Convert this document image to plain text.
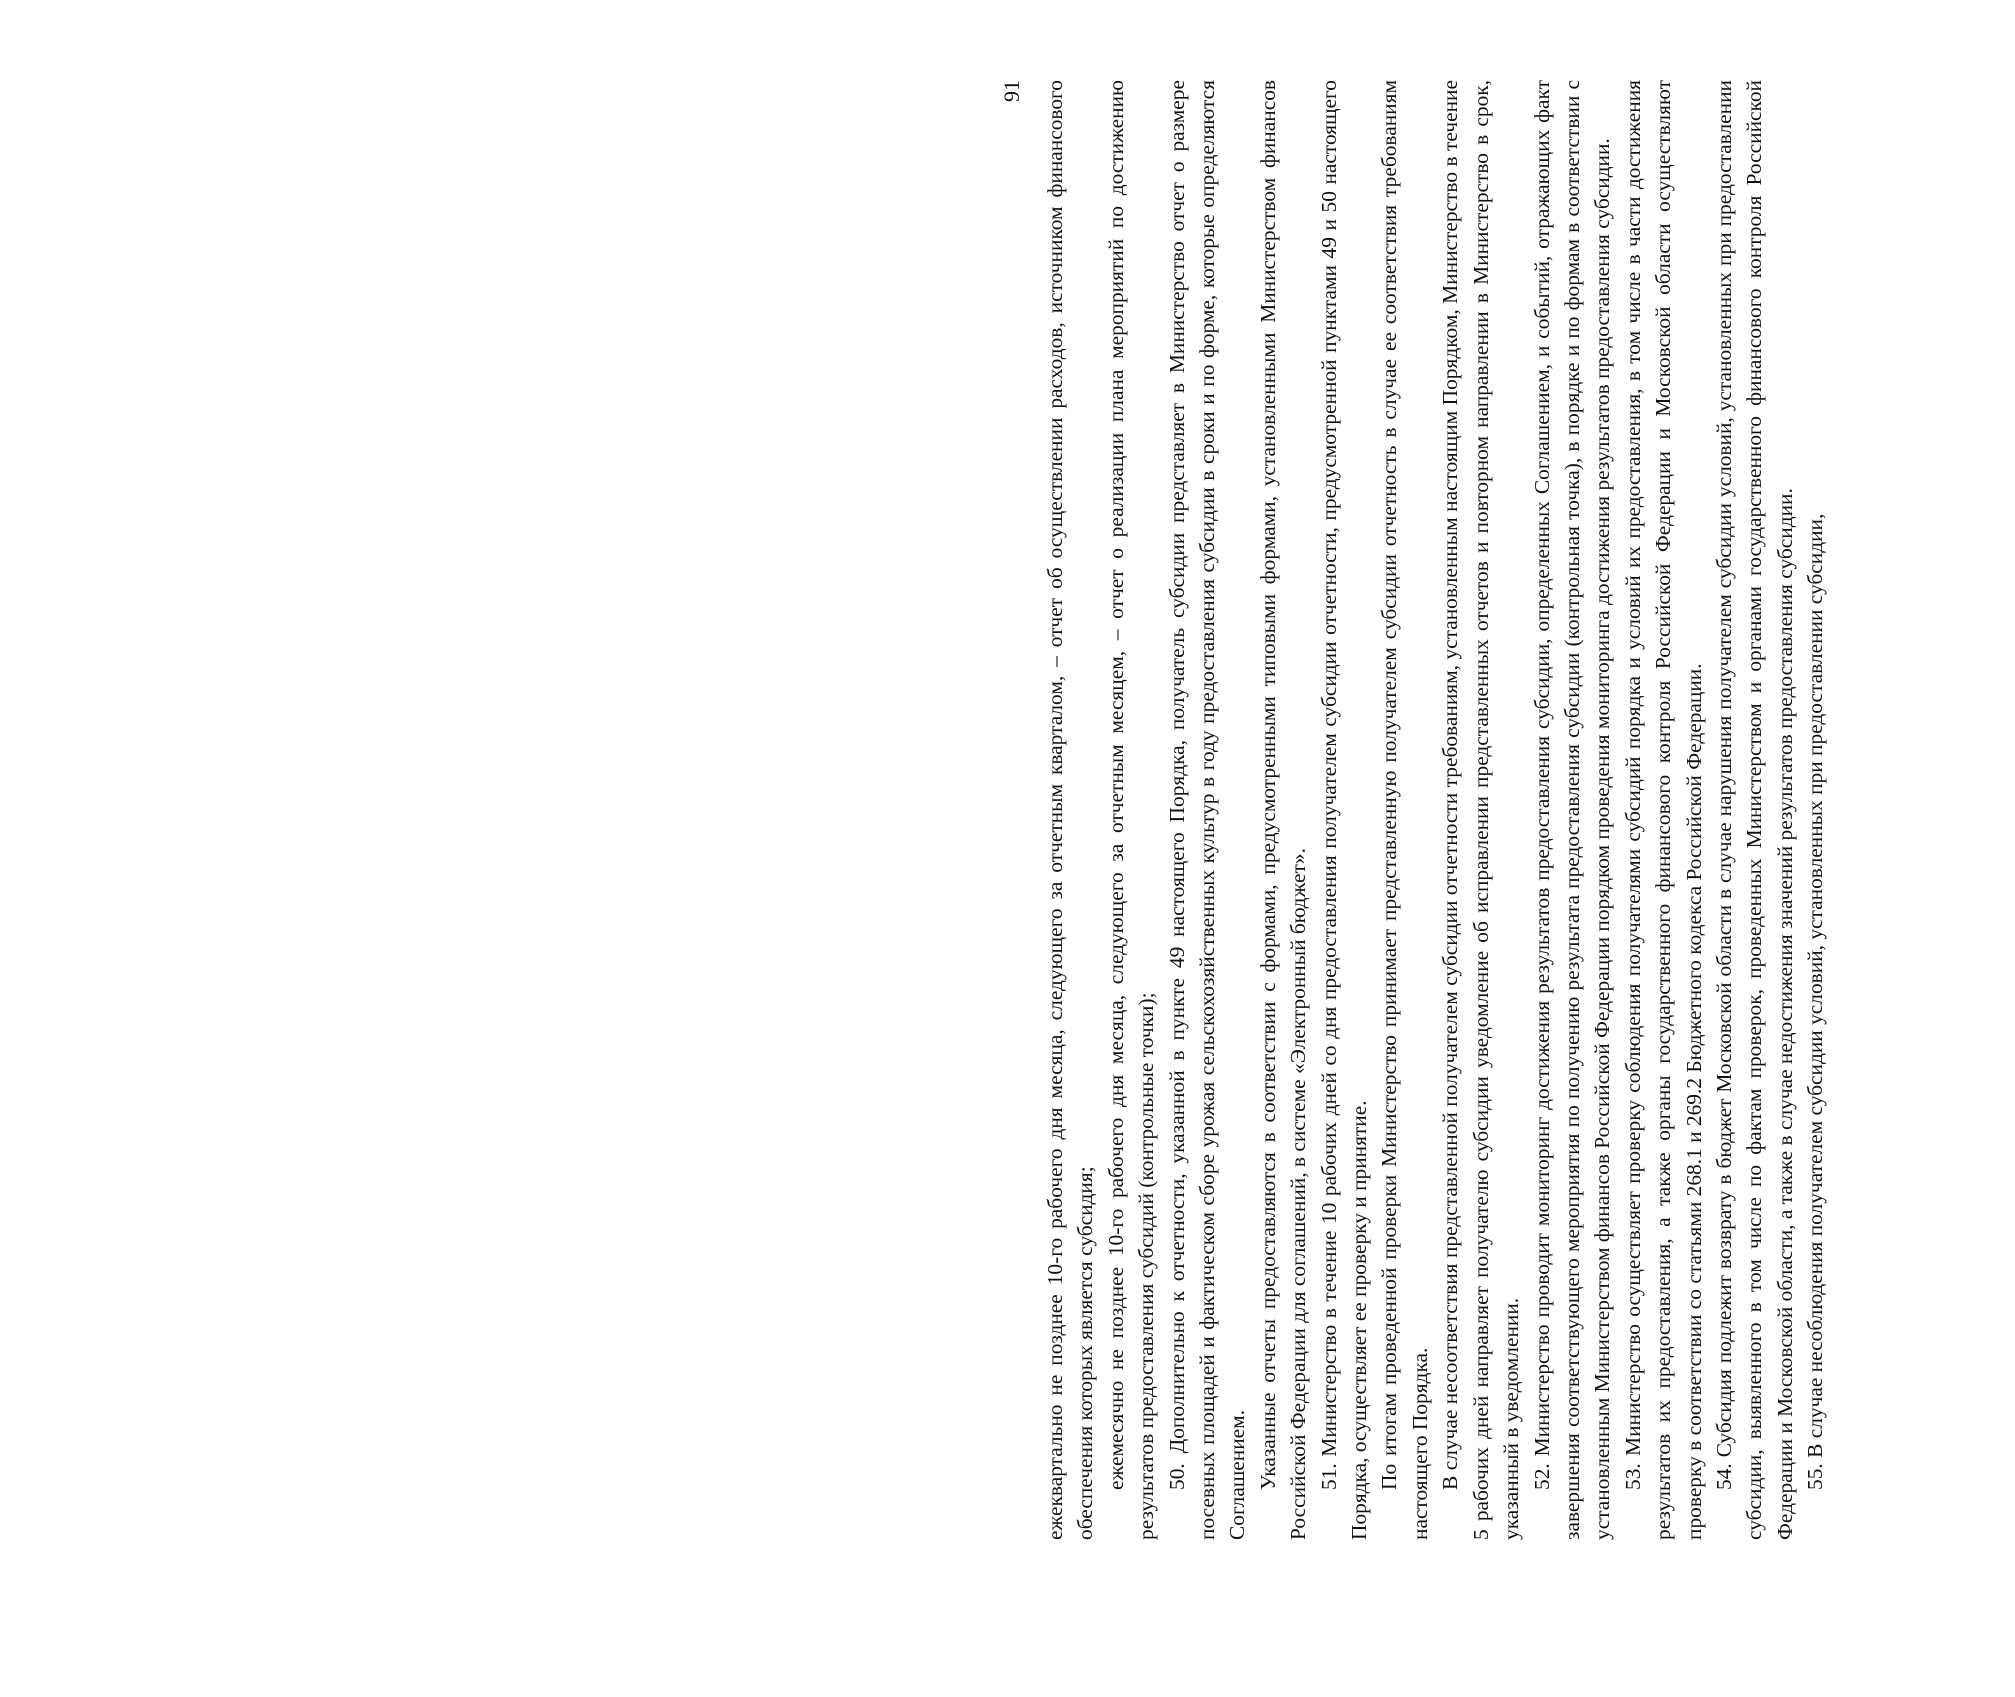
91 ежеквартально не позднее 10-го рабочего дня месяца, следующего за отчетным кварталом, – отчет об осуществлении расходов, источником финансового обеспечения которых является субсидия; ежемесячно не позднее 10-го рабочего дня месяца, следующего за отчетным месяцем, – отчет о реализации плана мероприятий по достижению результатов предоставления субсидий (контрольные точки); 50. Дополнительно к отчетности, указанной в пункте 49 настоящего Порядка, получатель субсидии представляет в Министерство отчет о размере посевных площадей и фактическом сборе урожая сельскохозяйственных культур в году предоставления субсидии в сроки и по форме, которые определяются Соглашением. Указанные отчеты предоставляются в соответствии с формами, предусмотренными типовыми формами, установленными Министерством финансов Российской Федерации для соглашений, в системе «Электронный бюджет». 51. Министерство в течение 10 рабочих дней со дня предоставления получателем субсидии отчетности, предусмотренной пунктами 49 и 50 настоящего Порядка, осуществляет ее проверку и принятие. По итогам проведенной проверки Министерство принимает представленную получателем субсидии отчетность в случае ее соответствия требованиям настоящего Порядка. В случае несоответствия представленной получателем субсидии отчетности требованиям, установленным настоящим Порядком, Министерство в течение 5 рабочих дней направляет получателю субсидии уведомление об исправлении представленных отчетов и повторном направлении в Министерство в срок, указанный в уведомлении. 52. Министерство проводит мониторинг достижения результатов предоставления субсидии, определенных Соглашением, и событий, отражающих факт завершения соответствующего мероприятия по получению результата предоставления субсидии (контрольная точка), в порядке и по формам в соответствии с установленным Министерством финансов Российской Федерации порядком проведения мониторинга достижения результатов предоставления субсидии. 53. Министерство осуществляет проверку соблюдения получателями субсидий порядка и условий их предоставления, в том числе в части достижения результатов их предоставления, а также органы государственного финансового контроля Российской Федерации и Московской области осуществляют проверку в соответствии со статьями 268.1 и 269.2 Бюджетного кодекса Российской Федерации. 54. Субсидия подлежит возврату в бюджет Московской области в случае нарушения получателем субсидии условий, установленных при предоставлении субсидии, выявленного в том числе по фактам проверок, проведенных Министерством и органами государственного финансового контроля Российской Федерации и Московской области, а также в случае недостижения значений результатов предоставления субсидии. 55. В случае несоблюдения получателем субсидии условий, установленных при предоставлении субсидии,
